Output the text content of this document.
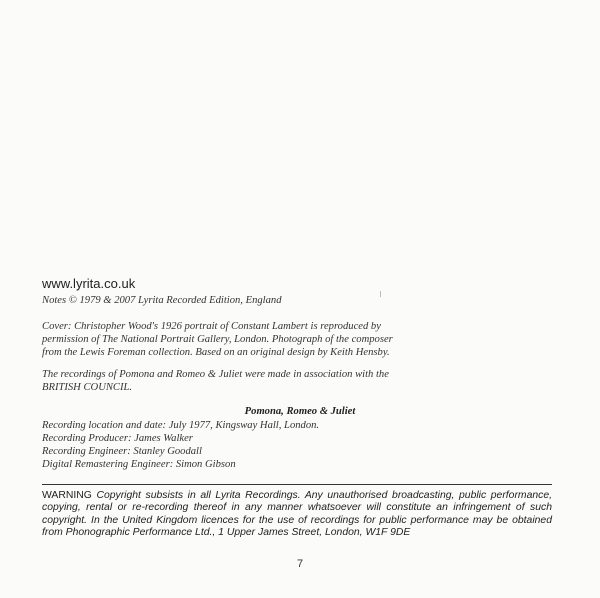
www.lyrita.co.uk
Notes © 1979 & 2007 Lyrita Recorded Edition, England
Cover: Christopher Wood's 1926 portrait of Constant Lambert is reproduced by
permission of The National Portrait Gallery, London. Photograph of the composer
from the Lewis Foreman collection. Based on an original design by Keith Hensby.
The recordings of Pomona and Romeo & Juliet were made in association with the
BRITISH COUNCIL.
Pomona, Romeo & Juliet
Recording location and date: July 1977, Kingsway Hall, London.
Recording Producer: James Walker
Recording Engineer: Stanley Goodall
Digital Remastering Engineer: Simon Gibson
WARNING Copyright subsists in all Lyrita Recordings. Any unauthorised broadcasting, public performance, copying, rental or re-recording thereof in any manner whatsoever will constitute an infringement of such copyright. In the United Kingdom licences for the use of recordings for public performance may be obtained from Phonographic Performance Ltd., 1 Upper James Street, London, W1F 9DE
7
